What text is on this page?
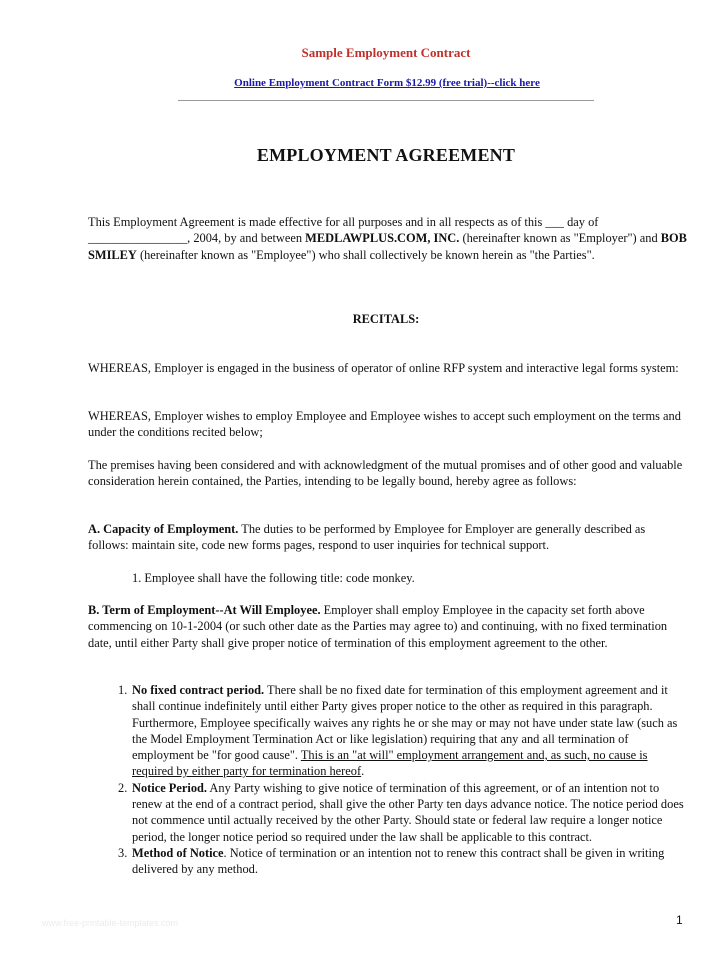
Sample Employment Contract
Online Employment Contract Form $12.99 (free trial)-‐click here
EMPLOYMENT AGREEMENT

This Employment Agreement is made effective for all purposes and in all respects as of this ___ day of ________________, 2004, by and between MEDLAWPLUS.COM, INC. (hereinafter known as "Employer") and BOB SMILEY (hereinafter known as "Employee") who shall collectively be known herein as "the Parties".

RECITALS:

WHEREAS, Employer is engaged in the business of operator of online RFP system and interactive legal forms system:

WHEREAS, Employer wishes to employ Employee and Employee wishes to accept such employment on the terms and under the conditions recited below;

The premises having been considered and with acknowledgment of the mutual promises and of other good and valuable consideration herein contained, the Parties, intending to be legally bound, hereby agree as follows:

A. Capacity of Employment. The duties to be performed by Employee for Employer are generally described as follows: maintain site, code new forms pages, respond to user inquiries for technical support.

1. Employee shall have the following title: code monkey.

B. Term of Employment-‐At Will Employee. Employer shall employ Employee in the capacity set forth above commencing on 10-1-2004 (or such other date as the Parties may agree to) and continuing, with no fixed termination date, until either Party shall give proper notice of termination of this employment agreement to the other.

1. No fixed contract period. There shall be no fixed date for termination of this employment agreement and it shall continue indefinitely until either Party gives proper notice to the other as required in this paragraph. Furthermore, Employee specifically waives any rights he or she may or may not have under state law (such as the Model Employment Termination Act or like legislation) requiring that any and all termination of employment be "for good cause". This is an "at will" employment arrangement and, as such, no cause is required by either party for termination hereof.
2. Notice Period. Any Party wishing to give notice of termination of this agreement, or of an intention not to renew at the end of a contract period, shall give the other Party ten days advance notice. The notice period does not commence until actually received by the other Party. Should state or federal law require a longer notice period, the longer notice period so required under the law shall be applicable to this contract.
3. Method of Notice. Notice of termination or an intention not to renew this contract shall be given in writing delivered by any method.
www.free-printable-templates.com	1
